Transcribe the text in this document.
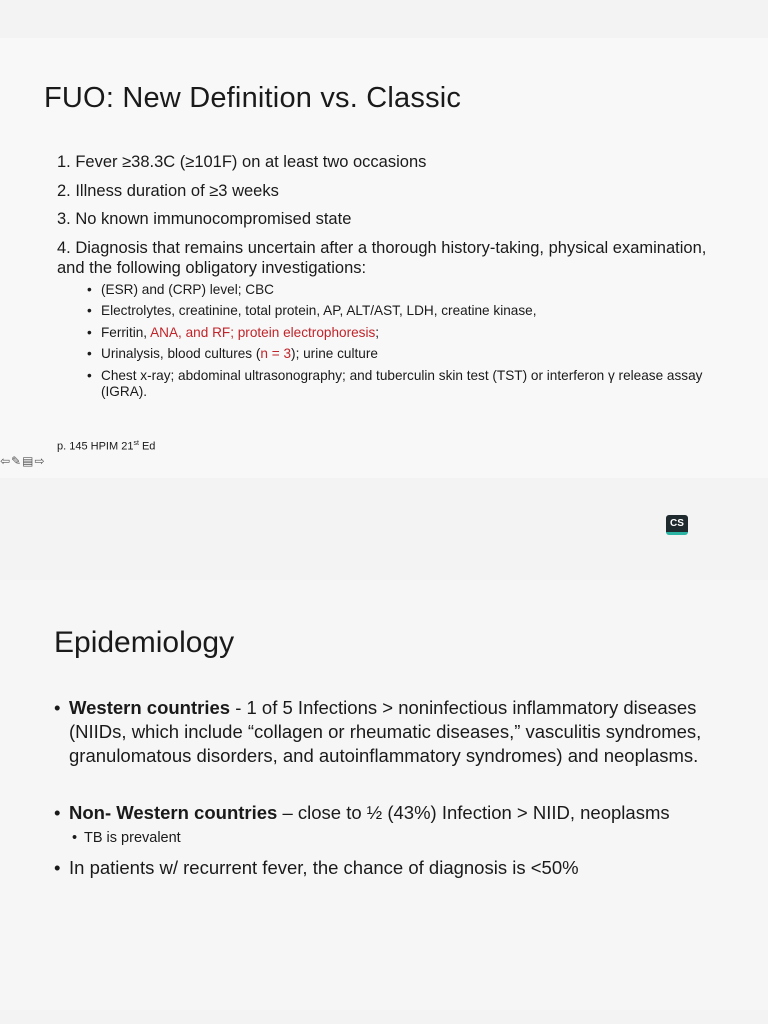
FUO: New Definition vs. Classic
1. Fever ≥38.3C (≥101F) on at least two occasions
2. Illness duration of ≥3 weeks
3. No known immunocompromised state
4. Diagnosis that remains uncertain after a thorough history-taking, physical examination, and the following obligatory investigations:
• (ESR) and (CRP) level; CBC
• Electrolytes, creatinine, total protein, AP, ALT/AST, LDH, creatine kinase,
• Ferritin, ANA, and RF; protein electrophoresis;
• Urinalysis, blood cultures (n = 3); urine culture
• Chest x-ray; abdominal ultrasonography; and tuberculin skin test (TST) or interferon γ release assay (IGRA).
p. 145 HPIM 21st Ed
⇦✎▤⇨
CS
Epidemiology
• Western countries - 1 of 5 Infections > noninfectious inflammatory diseases (NIIDs, which include “collagen or rheumatic diseases,” vasculitis syndromes, granulomatous disorders, and autoinflammatory syndromes) and neoplasms.
• Non- Western countries – close to ½ (43%) Infection > NIID, neoplasms
• TB is prevalent
• In patients w/ recurrent fever, the chance of diagnosis is <50%
